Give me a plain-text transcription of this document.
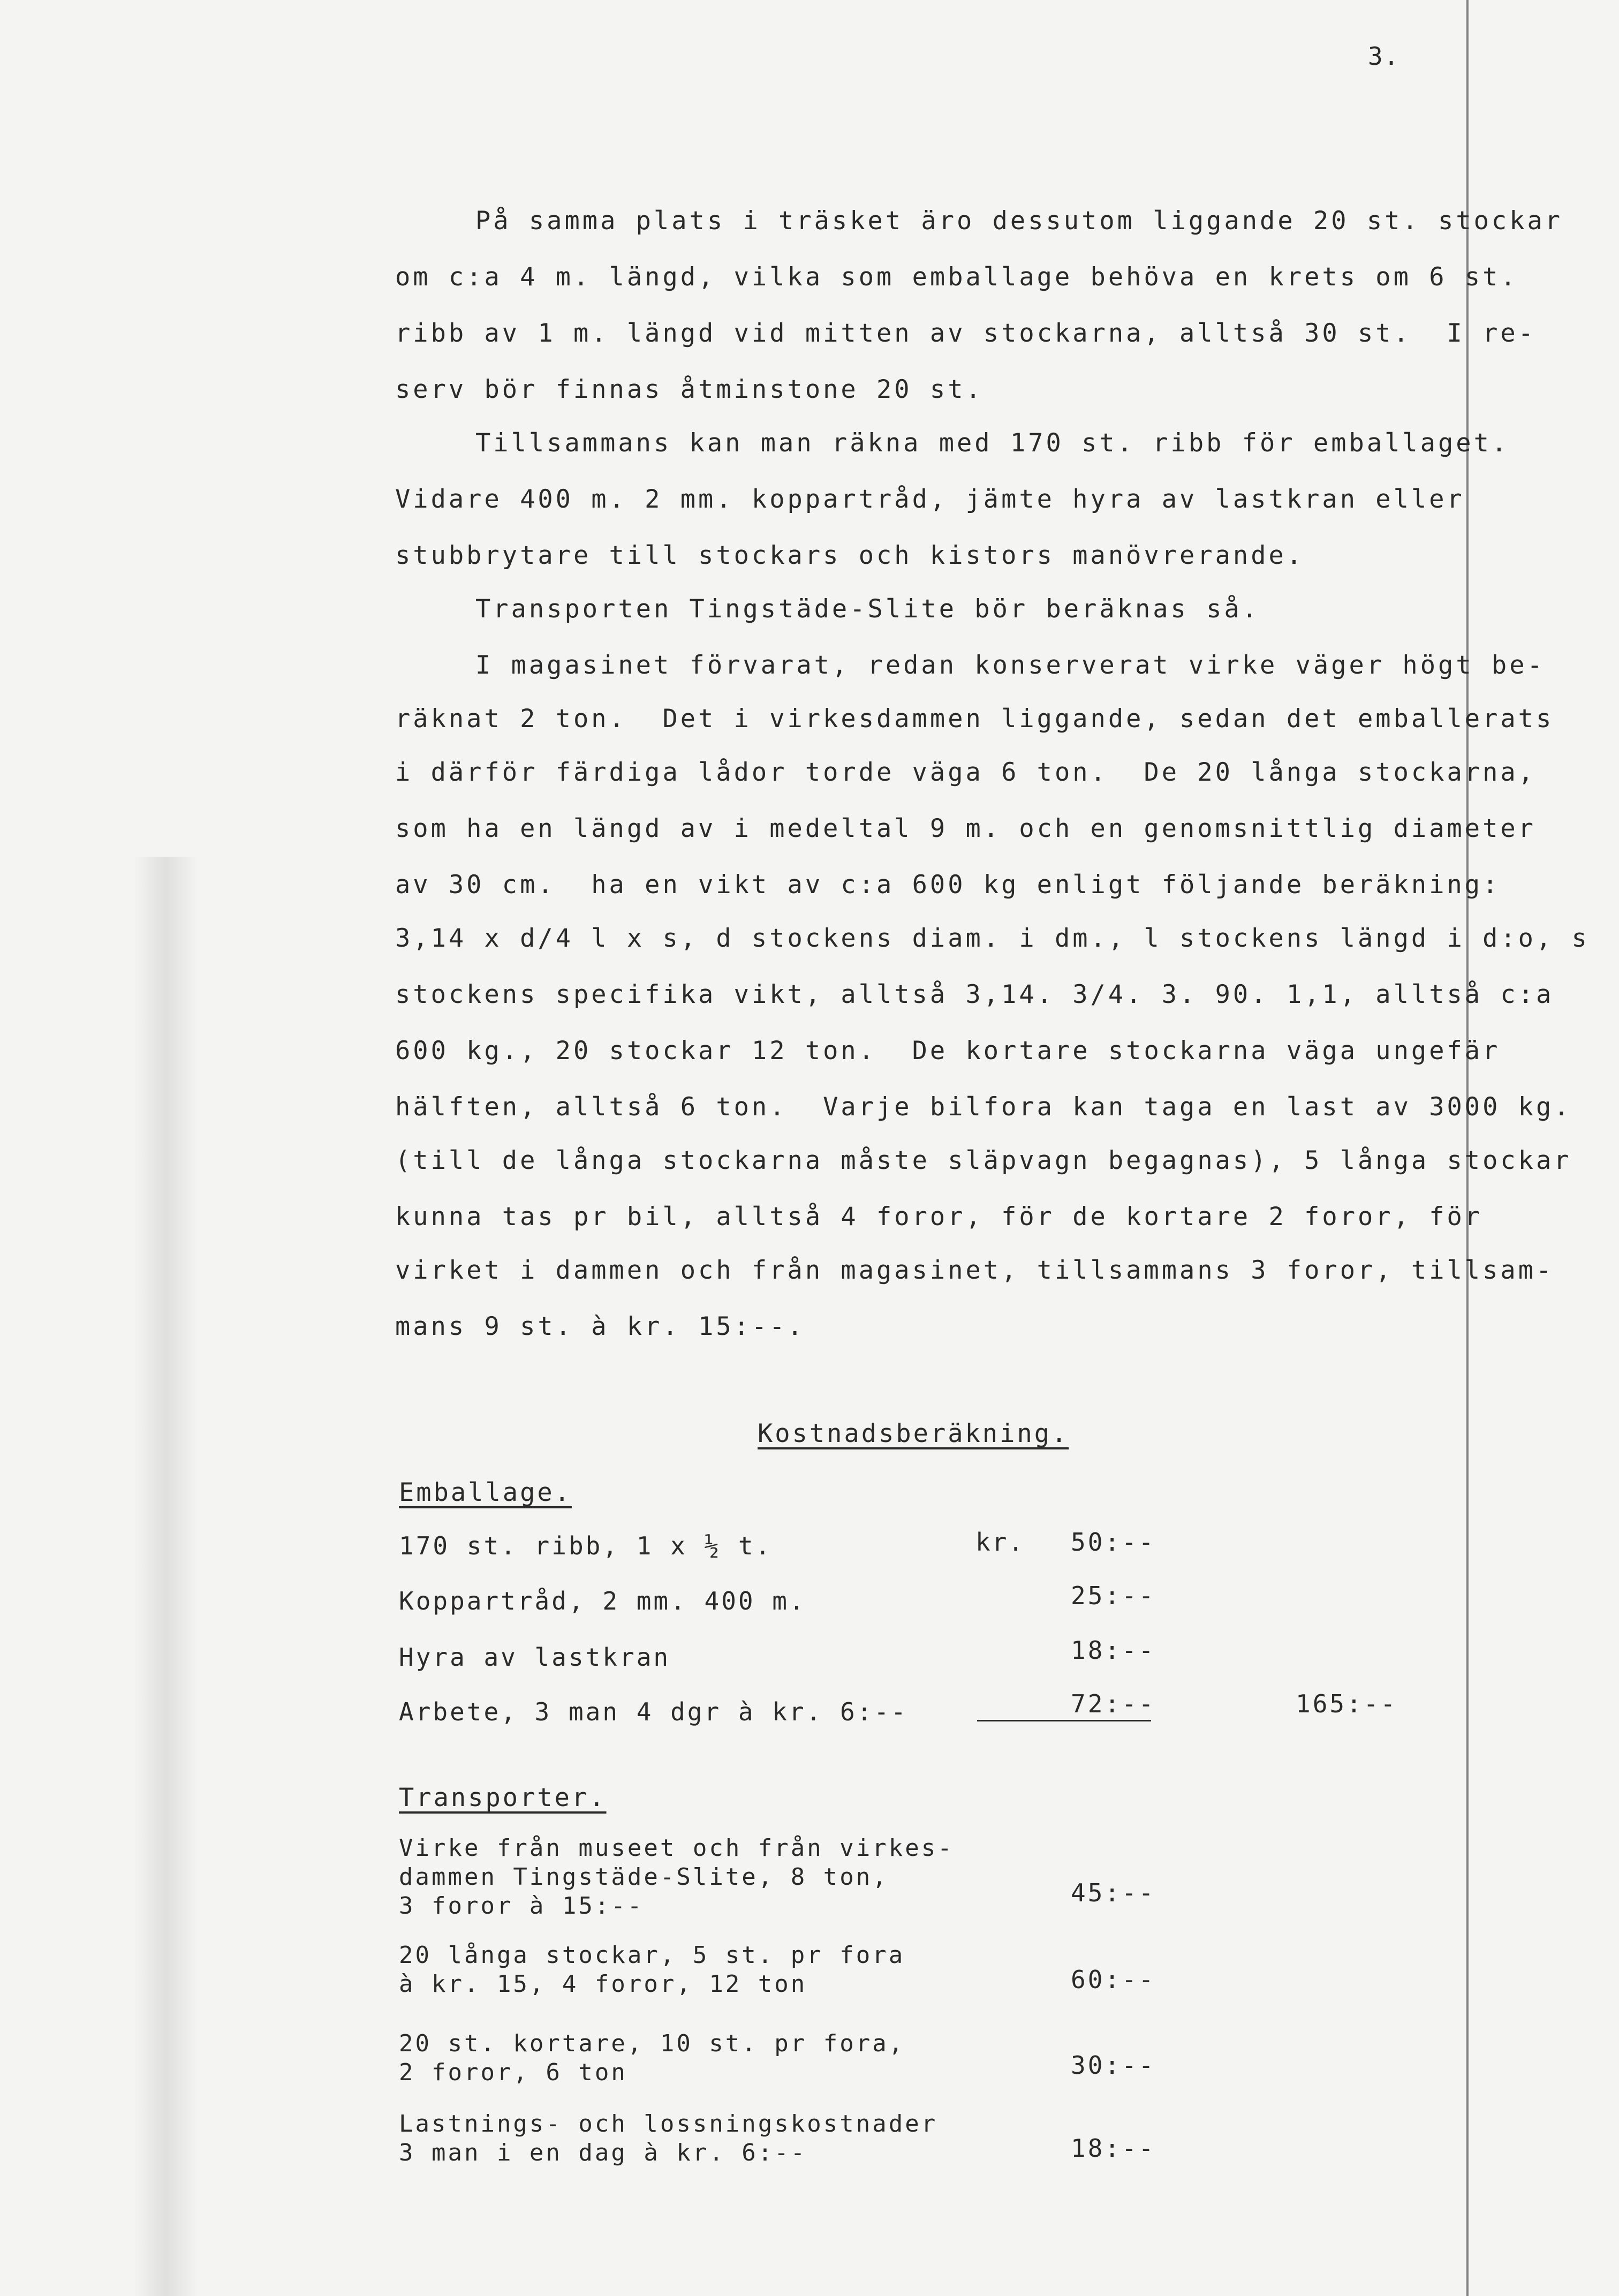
3.
På samma plats i träsket äro dessutom liggande 20 st. stockar
om c:a 4 m. längd, vilka som emballage behöva en krets om 6 st.
ribb av 1 m. längd vid mitten av stockarna, alltså 30 st.  I re-
serv bör finnas åtminstone 20 st.
Tillsammans kan man räkna med 170 st. ribb för emballaget.
Vidare 400 m. 2 mm. koppartråd, jämte hyra av lastkran eller
stubbrytare till stockars och kistors manövrerande.
Transporten Tingstäde-Slite bör beräknas så.
I magasinet förvarat, redan konserverat virke väger högt be-
räknat 2 ton.  Det i virkesdammen liggande, sedan det emballerats
i därför färdiga lådor torde väga 6 ton.  De 20 långa stockarna,
som ha en längd av i medeltal 9 m. och en genomsnittlig diameter
av 30 cm.  ha en vikt av c:a 600 kg enligt följande beräkning:
3,14 x d/4 l x s, d stockens diam. i dm., l stockens längd i d:o, s
stockens specifika vikt, alltså 3,14. 3/4. 3. 90. 1,1, alltså c:a
600 kg., 20 stockar 12 ton.  De kortare stockarna väga ungefär
hälften, alltså 6 ton.  Varje bilfora kan taga en last av 3000 kg.
(till de långa stockarna måste släpvagn begagnas), 5 långa stockar
kunna tas pr bil, alltså 4 foror, för de kortare 2 foror, för
virket i dammen och från magasinet, tillsammans 3 foror, tillsam-
mans 9 st. à kr. 15:--.
Kostnadsberäkning.
Emballage.
170 st. ribb, 1 x ½ t.	kr. 50:--
Koppartråd, 2 mm. 400 m.	25:--
Hyra av lastkran	18:--
Arbete, 3 man 4 dgr à kr. 6:--	72:--	165:--
Transporter.
Virke från museet och från virkes-
dammen Tingstäde-Slite, 8 ton,
3 foror à 15:--	45:--
20 långa stockar, 5 st. pr fora
à kr. 15, 4 foror, 12 ton	60:--
20 st. kortare, 10 st. pr fora,
2 foror, 6 ton	30:--
Lastnings- och lossningskostnader
3 man i en dag à kr. 6:--	18:--
